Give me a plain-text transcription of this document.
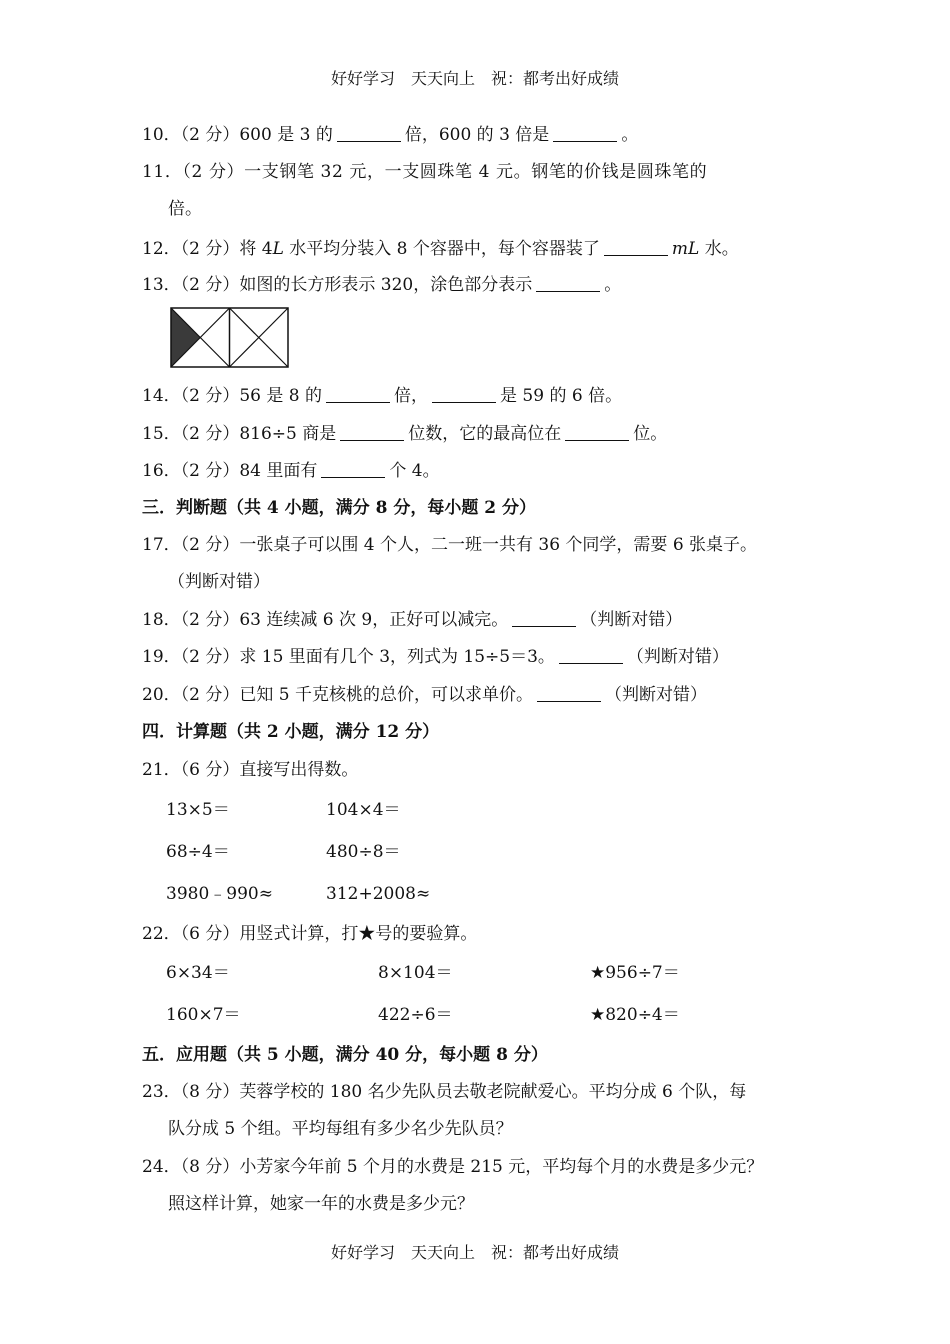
好好学习　天天向上　祝：都考出好成绩
10．（2 分）600 是 3 的	倍，600 的 3 倍是	。
11．（2 分）一支钢笔 32 元，一支圆珠笔 4 元。钢笔的价钱是圆珠笔的
倍。
12．（2 分）将 4L 水平均分装入 8 个容器中，每个容器装了	mL 水。
13．（2 分）如图的长方形表示 320，涂色部分表示	。
14．（2 分）56 是 8 的	倍，	是 59 的 6 倍。
15．（2 分）816÷5 商是	位数，它的最高位在	位。
16．（2 分）84 里面有	个 4。
三．判断题（共 4 小题，满分 8 分，每小题 2 分）
17．（2 分）一张桌子可以围 4 个人，二一班一共有 36 个同学，需要 6 张桌子。
（判断对错）
18．（2 分）63 连续减 6 次 9，正好可以减完。	（判断对错）
19．（2 分）求 15 里面有几个 3，列式为 15÷5＝3。	（判断对错）
20．（2 分）已知 5 千克核桃的总价，可以求单价。	（判断对错）
四．计算题（共 2 小题，满分 12 分）
21．（6 分）直接写出得数。
13×5＝	104×4＝
68÷4＝	480÷8＝
3980﹣990≈	312+2008≈
22．（6 分）用竖式计算，打★号的要验算。
6×34＝	8×104＝	★956÷7＝
160×7＝	422÷6＝	★820÷4＝
五．应用题（共 5 小题，满分 40 分，每小题 8 分）
23．（8 分）芙蓉学校的 180 名少先队员去敬老院献爱心。平均分成 6 个队，每
队分成 5 个组。平均每组有多少名少先队员？
24．（8 分）小芳家今年前 5 个月的水费是 215 元，平均每个月的水费是多少元？
照这样计算，她家一年的水费是多少元？
好好学习　天天向上　祝：都考出好成绩
